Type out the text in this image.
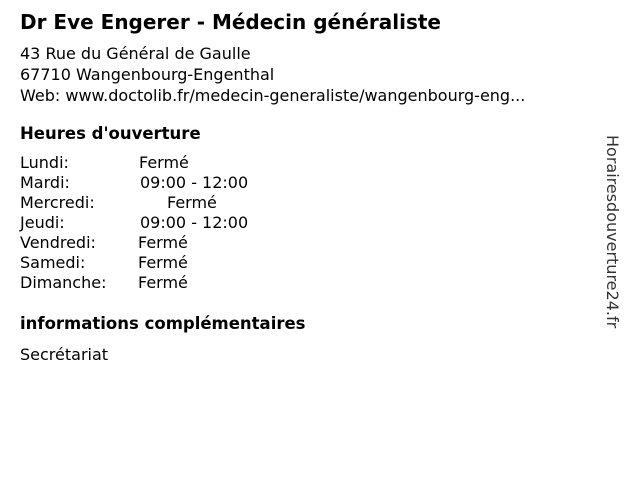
Dr Eve Engerer - Médecin généraliste
43 Rue du Général de Gaulle
67710 Wangenbourg-Engenthal
Web: www.doctolib.fr/medecin-generaliste/wangenbourg-eng...
Heures d'ouverture
Lundi:	Fermé
Mardi:	09:00 - 12:00
Mercredi:	Fermé
Jeudi:	09:00 - 12:00
Vendredi:	Fermé
Samedi:	Fermé
Dimanche: Fermé
informations complémentaires
Secrétariat
Horairesdouverture24.fr
